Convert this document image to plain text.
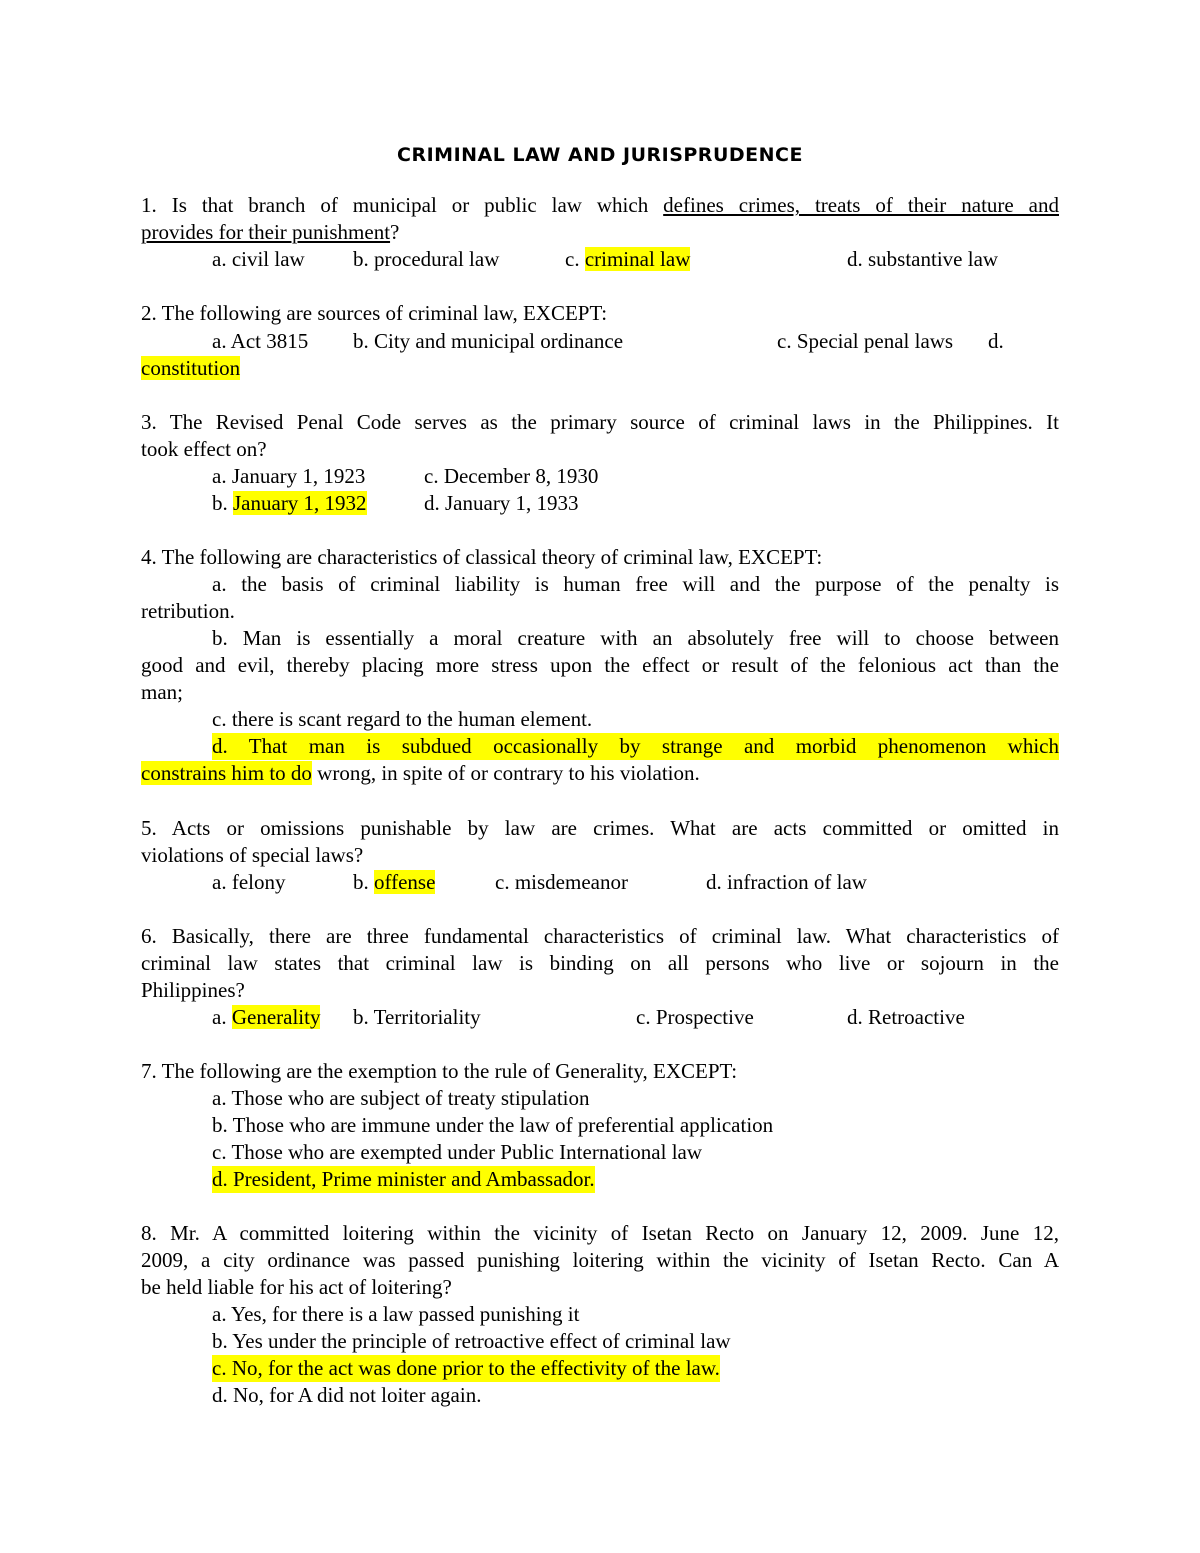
CRIMINAL LAW AND JURISPRUDENCE
1. Is that branch of municipal or public law which defines crimes, treats of their nature and
provides for their punishment?
a. civil law b. procedural law	c. criminal law	d. substantive law
2. The following are sources of criminal law, EXCEPT:
a. Act 3815 b. City and municipal ordinance	c. Special penal laws d.
constitution
3. The Revised Penal Code serves as the primary source of criminal laws in the Philippines. It
took effect on?
a. January 1, 1923	c. December 8, 1930
b. January 1, 1932	d. January 1, 1933
4. The following are characteristics of classical theory of criminal law, EXCEPT:
a. the basis of criminal liability is human free will and the purpose of the penalty is
retribution.
b. Man is essentially a moral creature with an absolutely free will to choose between
good and evil, thereby placing more stress upon the effect or result of the felonious act than the
man;
c. there is scant regard to the human element.
d. That man is subdued occasionally by strange and morbid phenomenon which
constrains him to do wrong, in spite of or contrary to his violation.
5. Acts or omissions punishable by law are crimes. What are acts committed or omitted in
violations of special laws?
a. felony	b. offense	c. misdemeanor	d. infraction of law
6. Basically, there are three fundamental characteristics of criminal law. What characteristics of
criminal law states that criminal law is binding on all persons who live or sojourn in the
Philippines?
a. Generality b. Territoriality	c. Prospective	d. Retroactive
7. The following are the exemption to the rule of Generality, EXCEPT:
a. Those who are subject of treaty stipulation
b. Those who are immune under the law of preferential application
c. Those who are exempted under Public International law
d. President, Prime minister and Ambassador.
8. Mr. A committed loitering within the vicinity of Isetan Recto on January 12, 2009. June 12,
2009, a city ordinance was passed punishing loitering within the vicinity of Isetan Recto. Can A
be held liable for his act of loitering?
a. Yes, for there is a law passed punishing it
b. Yes under the principle of retroactive effect of criminal law
c. No, for the act was done prior to the effectivity of the law.
d. No, for A did not loiter again.
